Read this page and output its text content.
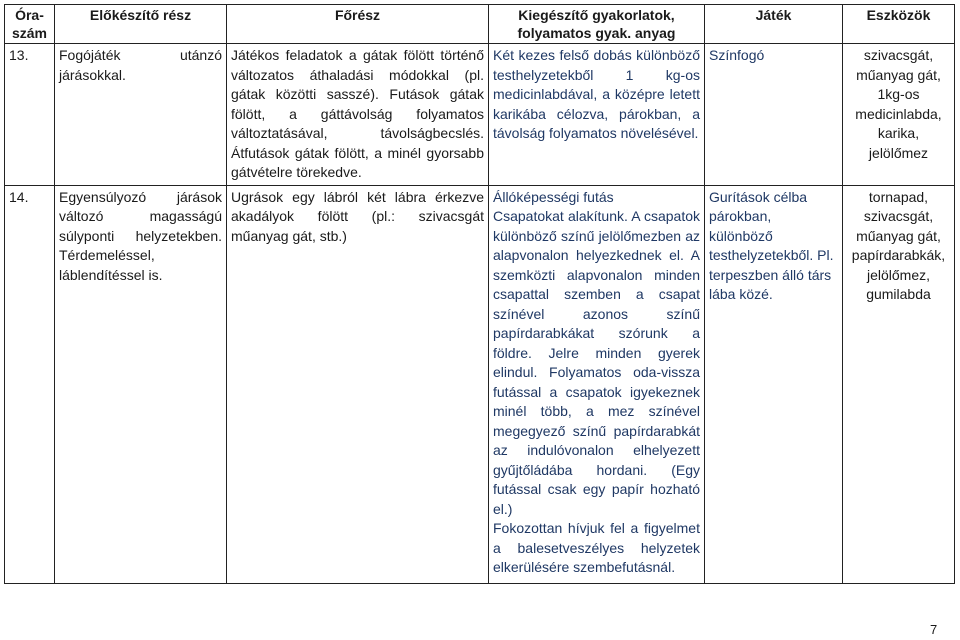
Óra-
szám	Előkészítő rész	Főrész	Kiegészítő gyakorlatok,
folyamatos gyak. anyag	Játék	Eszközök
13.	Fogójáték utánzó járásokkal.	Játékos feladatok a gátak fölött történő változatos áthaladási módokkal (pl. gátak közötti sasszé). Futások gátak fölött, a gáttávolság folyamatos változtatásával, távolságbecslés. Átfutások gátak fölött, a minél gyorsabb gátvételre törekedve.	Két kezes felső dobás különböző testhelyzetekből 1 kg-os medicinlabdával, a középre letett karikába célozva, párokban, a távolság folyamatos növelésével.	Színfogó	szivacsgát, műanyag gát, 1kg-os medicinlabda, karika, jelölőmez
14.	Egyensúlyozó járások változó magasságú súlyponti helyzetekben. Térdemeléssel, láblendítéssel is.	Ugrások egy lábról két lábra érkezve akadályok fölött (pl.: szivacsgát műanyag gát, stb.)	Állóképességi futás
Csapatokat alakítunk. A csapatok különböző színű jelölőmezben az alapvonalon helyezkednek el. A szemközti alapvonalon minden csapattal szemben a csapat színével azonos színű papírdarabkákat szórunk a földre. Jelre minden gyerek elindul. Folyamatos oda-vissza futással a csapatok igyekeznek minél több, a mez színével megegyező színű papírdarabkát az indulóvonalon elhelyezett gyűjtőládába hordani. (Egy futással csak egy papír hozható el.)
Fokozottan hívjuk fel a figyelmet a balesetveszélyes helyzetek elkerülésére szembefutásnál.	Gurítások célba párokban, különböző testhelyzetekből. Pl. terpeszben álló társ lába közé.	tornapad, szivacsgát, műanyag gát, papírdarabkák, jelölőmez, gumilabda
7
